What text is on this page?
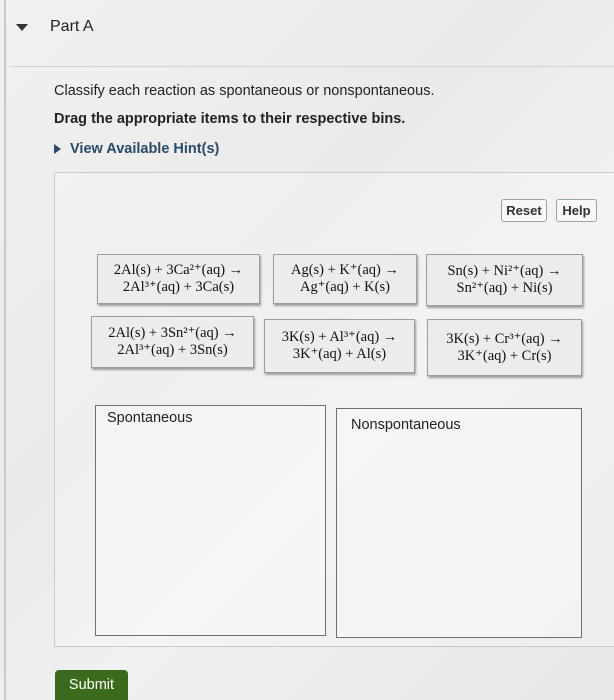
Part A
Classify each reaction as spontaneous or nonspontaneous.
Drag the appropriate items to their respective bins.
View Available Hint(s)
Reset	Help
2Al(s) + 3Ca²⁺(aq) →
2Al³⁺(aq) + 3Ca(s)
Ag(s) + K⁺(aq) →
Ag⁺(aq) + K(s)
Sn(s) + Ni²⁺(aq) →
Sn²⁺(aq) + Ni(s)
2Al(s) + 3Sn²⁺(aq) →
2Al³⁺(aq) + 3Sn(s)
3K(s) + Al³⁺(aq) →
3K⁺(aq) + Al(s)
3K(s) + Cr³⁺(aq) →
3K⁺(aq) + Cr(s)
Spontaneous	Nonspontaneous
Submit
